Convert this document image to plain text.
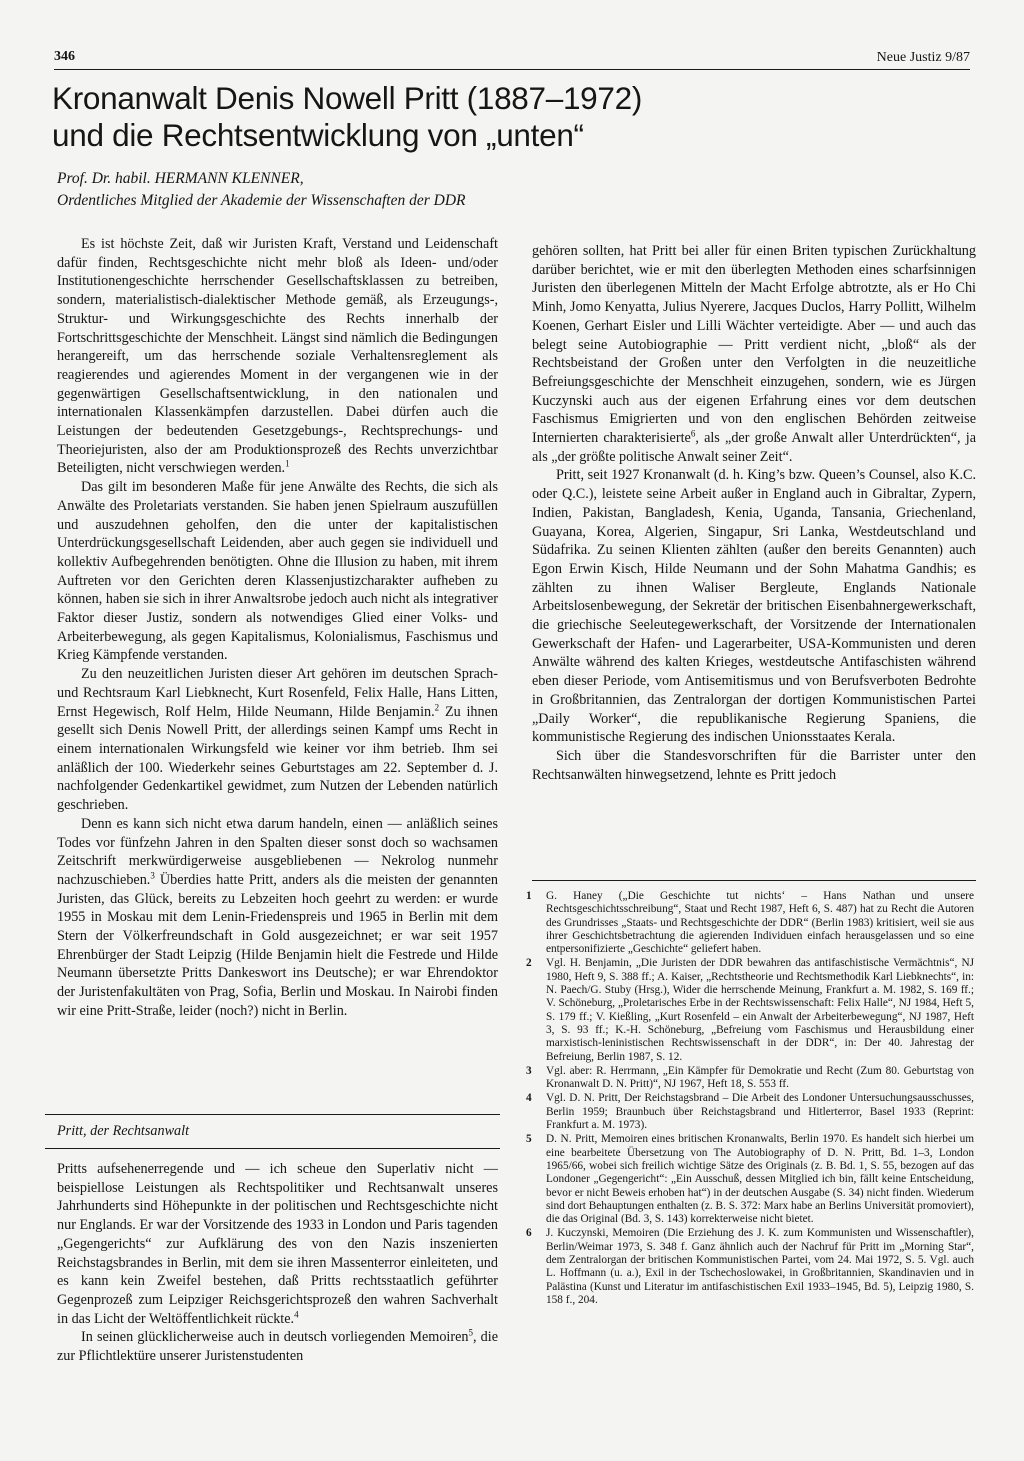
346	Neue Justiz 9/87
Kronanwalt Denis Nowell Pritt (1887–1972)
und die Rechtsentwicklung von „unten“
Prof. Dr. habil. HERMANN KLENNER,
Ordentliches Mitglied der Akademie der Wissenschaften der DDR

Es ist höchste Zeit, daß wir Juristen Kraft, Verstand und Leidenschaft dafür finden, Rechtsgeschichte nicht mehr bloß als Ideen- und/oder Institutionengeschichte herrschender Gesellschaftsklassen zu betreiben, sondern, materialistisch-dialektischer Methode gemäß, als Erzeugungs-, Struktur- und Wirkungsgeschichte des Rechts innerhalb der Fortschrittsgeschichte der Menschheit. Längst sind nämlich die Bedingungen herangereift, um das herrschende soziale Verhaltensreglement als reagierendes und agierendes Moment in der vergangenen wie in der gegenwärtigen Gesellschaftsentwicklung, in den nationalen und internationalen Klassenkämpfen darzustellen. Dabei dürfen auch die Leistungen der bedeutenden Gesetzgebungs-, Rechtsprechungs- und Theoriejuristen, also der am Produktionsprozeß des Rechts unverzichtbar Beteiligten, nicht verschwiegen werden.$^1$

Das gilt im besonderen Maße für jene Anwälte des Rechts, die sich als Anwälte des Proletariats verstanden. Sie haben jenen Spielraum auszufüllen und auszudehnen geholfen, den die unter der kapitalistischen Unterdrückungsgesellschaft Leidenden, aber auch gegen sie individuell und kollektiv Aufbegehrenden benötigten. Ohne die Illusion zu haben, mit ihrem Auftreten vor den Gerichten deren Klassenjustizcharakter aufheben zu können, haben sie sich in ihrer Anwaltsrobe jedoch auch nicht als integrativer Faktor dieser Justiz, sondern als notwendiges Glied einer Volks- und Arbeiterbewegung, als gegen Kapitalismus, Kolonialismus, Faschismus und Krieg Kämpfende verstanden.

Zu den neuzeitlichen Juristen dieser Art gehören im deutschen Sprach- und Rechtsraum Karl Liebknecht, Kurt Rosenfeld, Felix Halle, Hans Litten, Ernst Hegewisch, Rolf Helm, Hilde Neumann, Hilde Benjamin.$^2$ Zu ihnen gesellt sich Denis Nowell Pritt, der allerdings seinen Kampf ums Recht in einem internationalen Wirkungsfeld wie keiner vor ihm betrieb. Ihm sei anläßlich der 100. Wiederkehr seines Geburtstages am 22. September d. J. nachfolgender Gedenkartikel gewidmet, zum Nutzen der Lebenden natürlich geschrieben.

Denn es kann sich nicht etwa darum handeln, einen — anläßlich seines Todes vor fünfzehn Jahren in den Spalten dieser sonst doch so wachsamen Zeitschrift merkwürdigerweise ausgebliebenen — Nekrolog nunmehr nachzuschieben.$^3$ Überdies hatte Pritt, anders als die meisten der genannten Juristen, das Glück, bereits zu Lebzeiten hoch geehrt zu werden: er wurde 1955 in Moskau mit dem Lenin-Friedenspreis und 1965 in Berlin mit dem Stern der Völkerfreundschaft in Gold ausgezeichnet; er war seit 1957 Ehrenbürger der Stadt Leipzig (Hilde Benjamin hielt die Festrede und Hilde Neumann übersetzte Pritts Dankeswort ins Deutsche); er war Ehrendoktor der Juristenfakultäten von Prag, Sofia, Berlin und Moskau. In Nairobi finden wir eine Pritt-Straße, leider (noch?) nicht in Berlin.

Pritt, der Rechtsanwalt

Pritts aufsehenerregende und — ich scheue den Superlativ nicht — beispiellose Leistungen als Rechtspolitiker und Rechtsanwalt unseres Jahrhunderts sind Höhepunkte in der politischen und Rechtsgeschichte nicht nur Englands. Er war der Vorsitzende des 1933 in London und Paris tagenden „Gegengerichts“ zur Aufklärung des von den Nazis inszenierten Reichstagsbrandes in Berlin, mit dem sie ihren Massenterror einleiteten, und es kann kein Zweifel bestehen, daß Pritts rechtsstaatlich geführter Gegenprozeß zum Leipziger Reichsgerichtsprozeß den wahren Sachverhalt in das Licht der Weltöffentlichkeit rückte.$^4$

In seinen glücklicherweise auch in deutsch vorliegenden Memoiren$^5$, die zur Pflichtlektüre unserer Juristenstudenten

gehören sollten, hat Pritt bei aller für einen Briten typischen Zurückhaltung darüber berichtet, wie er mit den überlegten Methoden eines scharfsinnigen Juristen den überlegenen Mitteln der Macht Erfolge abtrotzte, als er Ho Chi Minh, Jomo Kenyatta, Julius Nyerere, Jacques Duclos, Harry Pollitt, Wilhelm Koenen, Gerhart Eisler und Lilli Wächter verteidigte. Aber — und auch das belegt seine Autobiographie — Pritt verdient nicht, „bloß“ als der Rechtsbeistand der Großen unter den Verfolgten in die neuzeitliche Befreiungsgeschichte der Menschheit einzugehen, sondern, wie es Jürgen Kuczynski auch aus der eigenen Erfahrung eines vor dem deutschen Faschismus Emigrierten und von den englischen Behörden zeitweise Internierten charakterisierte$^6$, als „der große Anwalt aller Unterdrückten“, ja als „der größte politische Anwalt seiner Zeit“.

Pritt, seit 1927 Kronanwalt (d. h. King’s bzw. Queen’s Counsel, also K.C. oder Q.C.), leistete seine Arbeit außer in England auch in Gibraltar, Zypern, Indien, Pakistan, Bangladesh, Kenia, Uganda, Tansania, Griechenland, Guayana, Korea, Algerien, Singapur, Sri Lanka, Westdeutschland und Südafrika. Zu seinen Klienten zählten (außer den bereits Genannten) auch Egon Erwin Kisch, Hilde Neumann und der Sohn Mahatma Gandhis; es zählten zu ihnen Waliser Bergleute, Englands Nationale Arbeitslosenbewegung, der Sekretär der britischen Eisenbahnergewerkschaft, die griechische Seeleutegewerkschaft, der Vorsitzende der Internationalen Gewerkschaft der Hafen- und Lagerarbeiter, USA-Kommunisten und deren Anwälte während des kalten Krieges, westdeutsche Antifaschisten während eben dieser Periode, vom Antisemitismus und von Berufsverboten Bedrohte in Großbritannien, das Zentralorgan der dortigen Kommunistischen Partei „Daily Worker“, die republikanische Regierung Spaniens, die kommunistische Regierung des indischen Unionsstaates Kerala.

Sich über die Standesvorschriften für die Barrister unter den Rechtsanwälten hinwegsetzend, lehnte es Pritt jedoch

1 G. Haney („Die Geschichte tut nichts‘ – Hans Nathan und unsere Rechtsgeschichtsschreibung“, Staat und Recht 1987, Heft 6, S. 487) hat zu Recht die Autoren des Grundrisses „Staats- und Rechtsgeschichte der DDR“ (Berlin 1983) kritisiert, weil sie aus ihrer Geschichtsbetrachtung die agierenden Individuen einfach herausgelassen und so eine entpersonifizierte „Geschichte“ geliefert haben.
2 Vgl. H. Benjamin, „Die Juristen der DDR bewahren das antifaschistische Vermächtnis“, NJ 1980, Heft 9, S. 388 ff.; A. Kaiser, „Rechtstheorie und Rechtsmethodik Karl Liebknechts“, in: N. Paech/G. Stuby (Hrsg.), Wider die herrschende Meinung, Frankfurt a. M. 1982, S. 169 ff.; V. Schöneburg, „Proletarisches Erbe in der Rechtswissenschaft: Felix Halle“, NJ 1984, Heft 5, S. 179 ff.; V. Kießling, „Kurt Rosenfeld – ein Anwalt der Arbeiterbewegung“, NJ 1987, Heft 3, S. 93 ff.; K.-H. Schöneburg, „Befreiung vom Faschismus und Herausbildung einer marxistisch-leninistischen Rechtswissenschaft in der DDR“, in: Der 40. Jahrestag der Befreiung, Berlin 1987, S. 12.
3 Vgl. aber: R. Herrmann, „Ein Kämpfer für Demokratie und Recht (Zum 80. Geburtstag von Kronanwalt D. N. Pritt)“, NJ 1967, Heft 18, S. 553 ff.
4 Vgl. D. N. Pritt, Der Reichstagsbrand – Die Arbeit des Londoner Untersuchungsausschusses, Berlin 1959; Braunbuch über Reichstagsbrand und Hitlerterror, Basel 1933 (Reprint: Frankfurt a. M. 1973).
5 D. N. Pritt, Memoiren eines britischen Kronanwalts, Berlin 1970. Es handelt sich hierbei um eine bearbeitete Übersetzung von The Autobiography of D. N. Pritt, Bd. 1–3, London 1965/66, wobei sich freilich wichtige Sätze des Originals (z. B. Bd. 1, S. 55, bezogen auf das Londoner „Gegengericht“: „Ein Ausschuß, dessen Mitglied ich bin, fällt keine Entscheidung, bevor er nicht Beweis erhoben hat“) in der deutschen Ausgabe (S. 34) nicht finden. Wiederum sind dort Behauptungen enthalten (z. B. S. 372: Marx habe an Berlins Universität promoviert), die das Original (Bd. 3, S. 143) korrekterweise nicht bietet.
6 J. Kuczynski, Memoiren (Die Erziehung des J. K. zum Kommunisten und Wissenschaftler), Berlin/Weimar 1973, S. 348 f. Ganz ähnlich auch der Nachruf für Pritt im „Morning Star“, dem Zentralorgan der britischen Kommunistischen Partei, vom 24. Mai 1972, S. 5. Vgl. auch L. Hoffmann (u. a.), Exil in der Tschechoslowakei, in Großbritannien, Skandinavien und in Palästina (Kunst und Literatur im antifaschistischen Exil 1933–1945, Bd. 5), Leipzig 1980, S. 158 f., 204.
